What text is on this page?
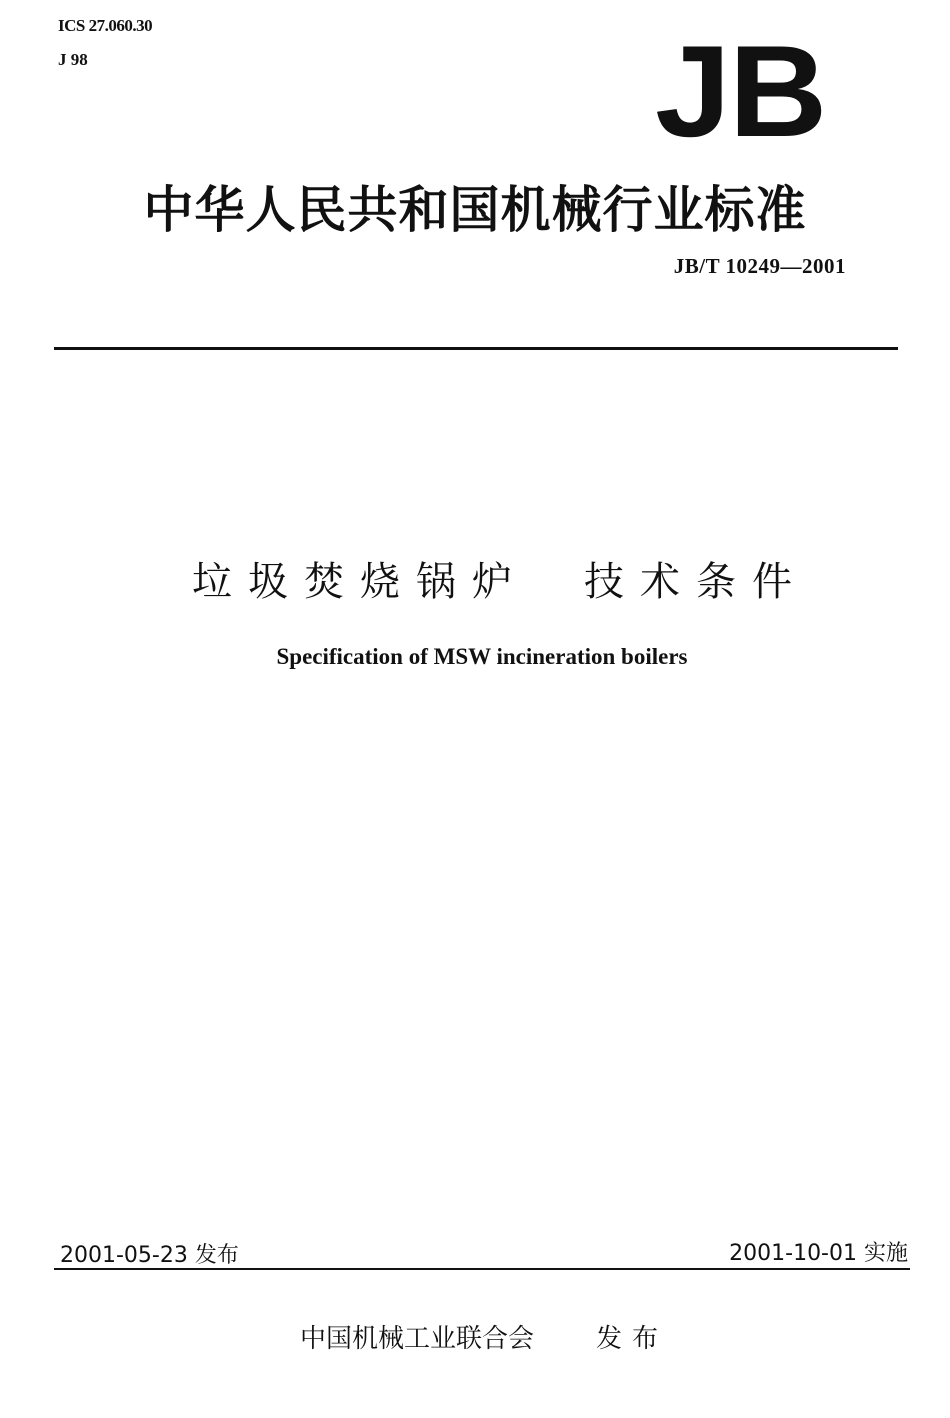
ICS 27.060.30
J 98	JB
中华人民共和国机械行业标准
JB/T 10249—2001
垃圾焚烧锅炉　技术条件
Specification of MSW incineration boilers
2001-05-23 发布	2001-10-01 实施
中国机械工业联合会 发布
